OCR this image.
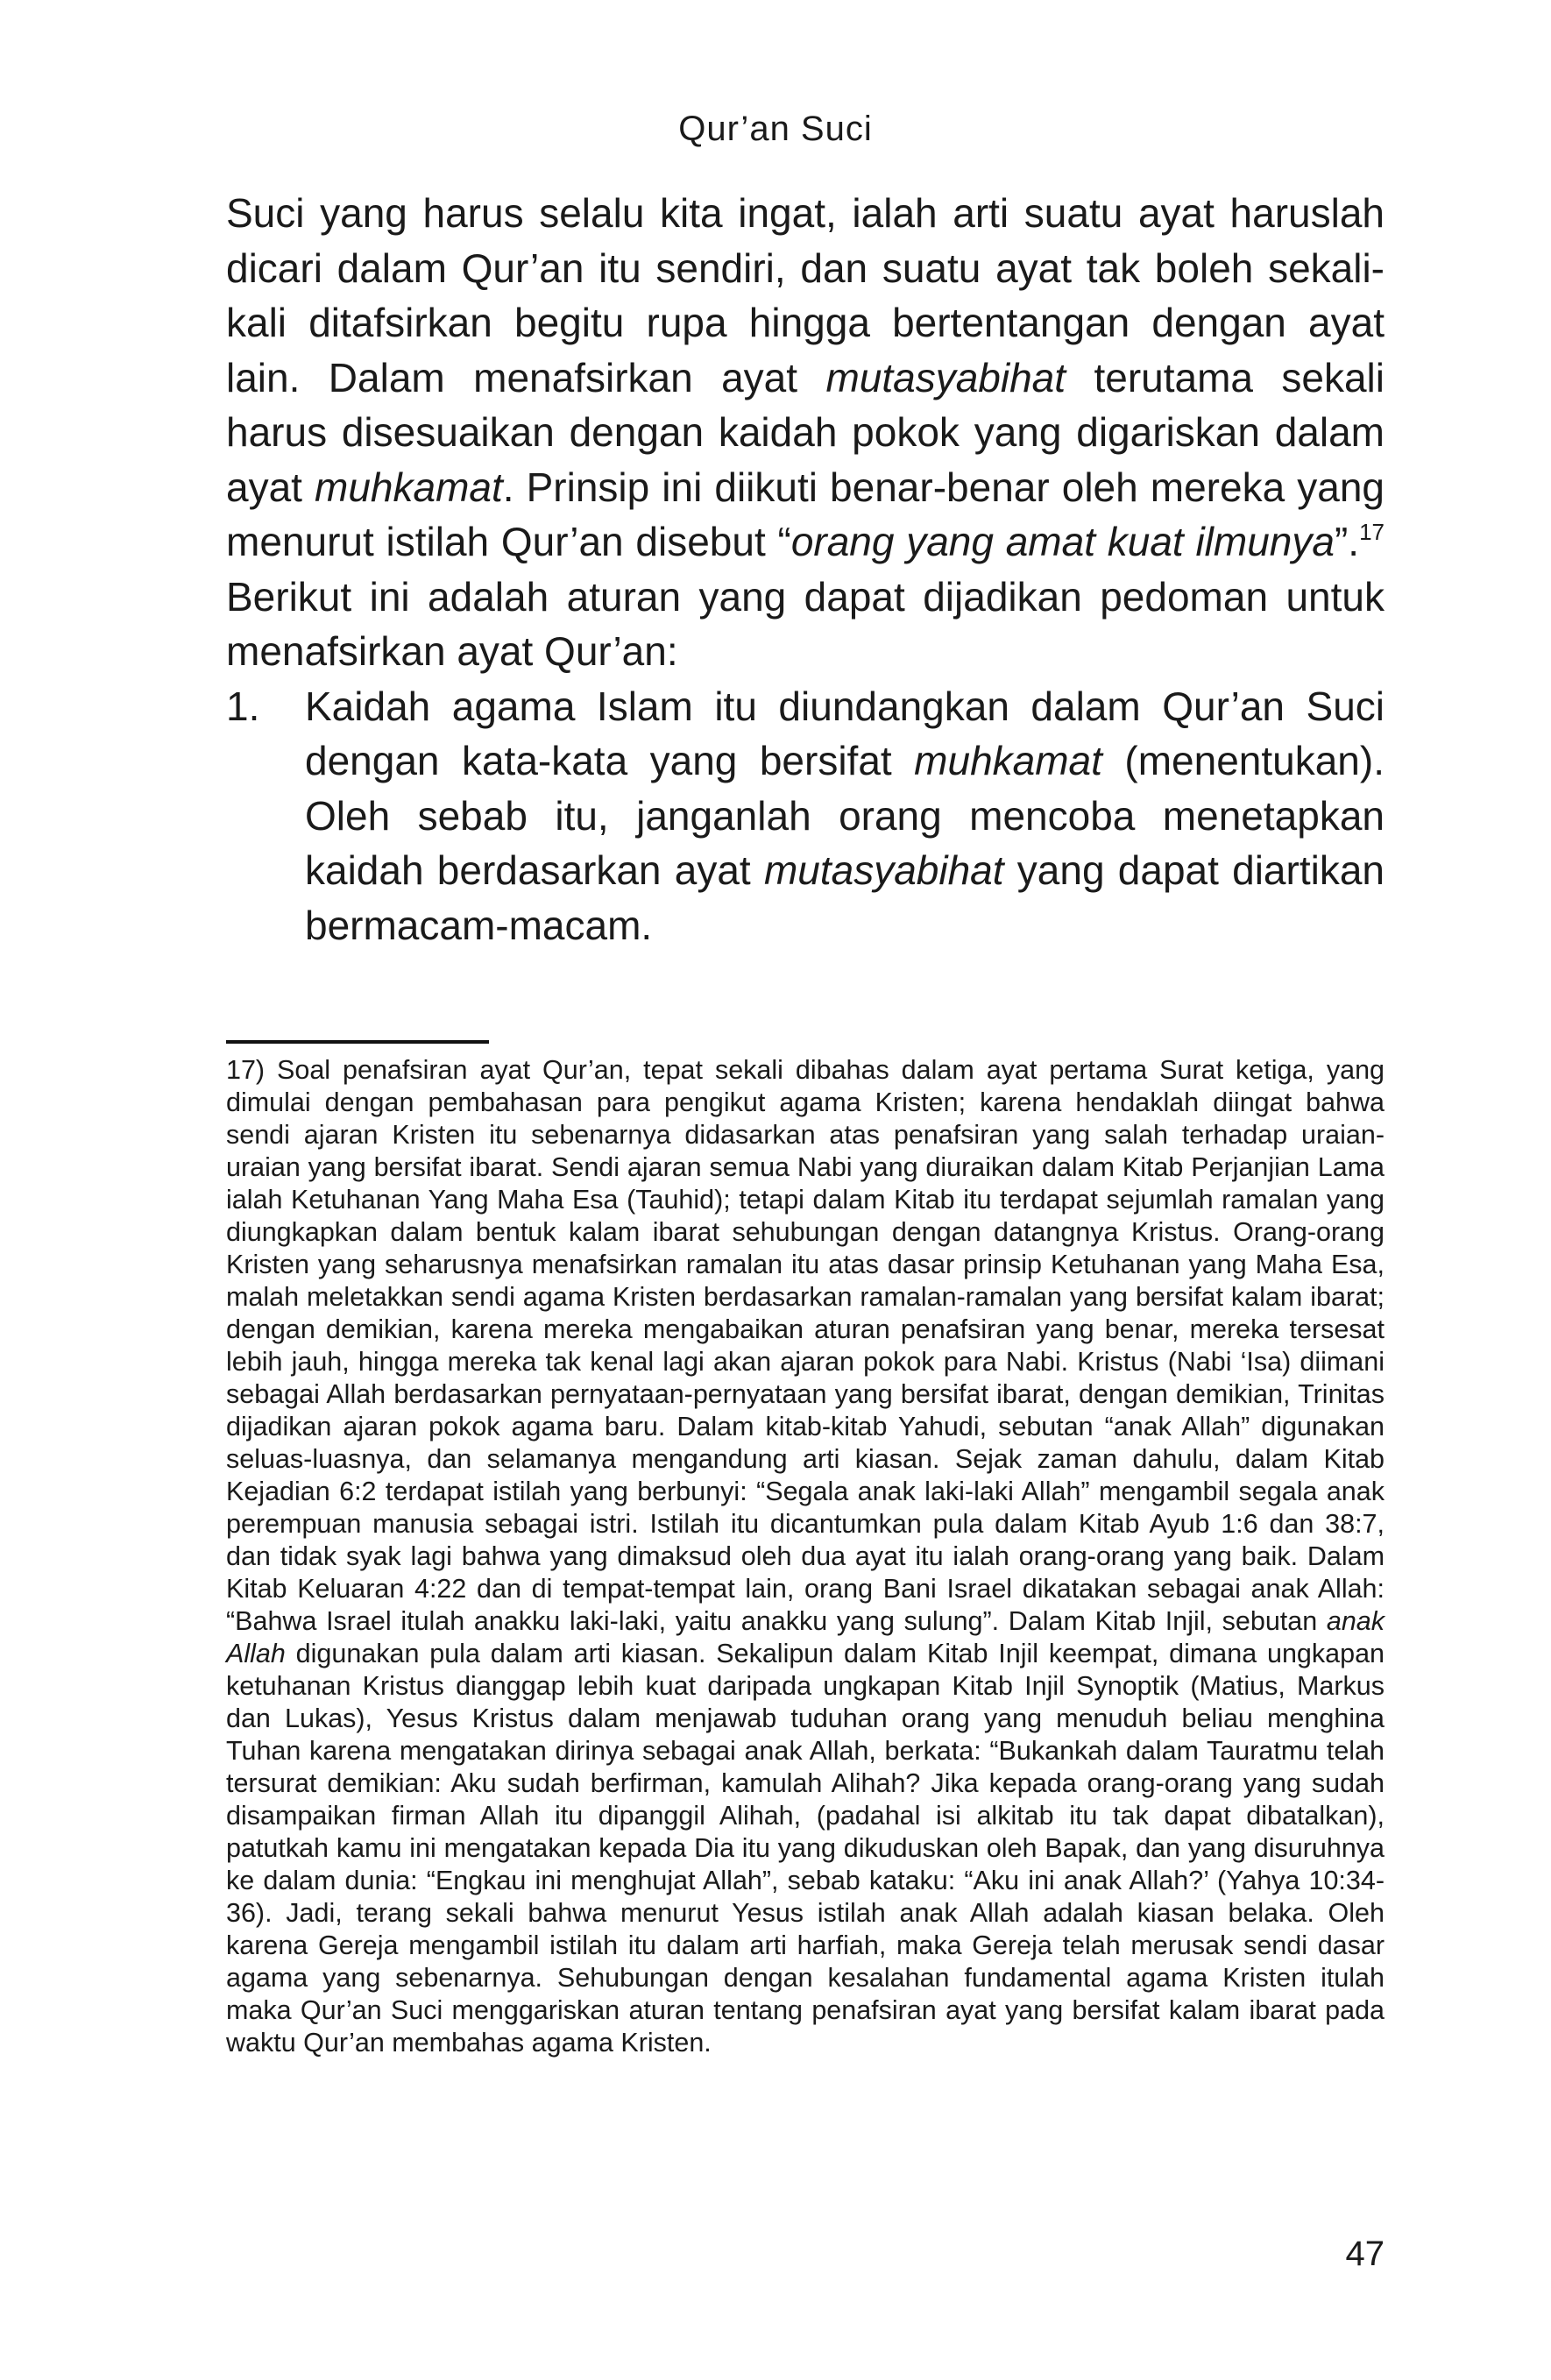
Qur’an Suci

Suci yang harus selalu kita ingat, ialah arti suatu ayat haruslah dicari dalam Qur’an itu sendiri, dan suatu ayat tak boleh sekali-kali ditafsirkan begitu rupa hingga bertentangan dengan ayat lain. Dalam menafsirkan ayat mutasyabihat terutama sekali harus disesuaikan dengan kaidah pokok yang digariskan dalam ayat muhkamat. Prinsip ini diikuti benar-benar oleh mereka yang menurut istilah Qur’an disebut “orang yang amat kuat ilmunya”.$^{17}$ Berikut ini adalah aturan yang dapat dijadikan pedoman untuk menafsirkan ayat Qur’an:

1.	Kaidah agama Islam itu diundangkan dalam Qur’an Suci dengan kata-kata yang bersifat muhkamat (menentukan). Oleh sebab itu, janganlah orang mencoba menetapkan kaidah berdasarkan ayat mutasyabihat yang dapat diartikan bermacam-macam.

17) Soal penafsiran ayat Qur’an, tepat sekali dibahas dalam ayat pertama Surat ketiga, yang dimulai dengan pembahasan para pengikut agama Kristen; karena hendaklah diingat bahwa sendi ajaran Kristen itu sebenarnya didasarkan atas penafsiran yang salah terhadap uraian-uraian yang bersifat ibarat. Sendi ajaran semua Nabi yang diuraikan dalam Kitab Perjanjian Lama ialah Ketuhanan Yang Maha Esa (Tauhid); tetapi dalam Kitab itu terdapat sejumlah ramalan yang diungkapkan dalam bentuk kalam ibarat sehubungan dengan datangnya Kristus. Orang-orang Kristen yang seharusnya menafsirkan ramalan itu atas dasar prinsip Ketuhanan yang Maha Esa, malah meletakkan sendi agama Kristen berdasarkan ramalan-ramalan yang bersifat kalam ibarat; dengan demikian, karena mereka mengabaikan aturan penafsiran yang benar, mereka tersesat lebih jauh, hingga mereka tak kenal lagi akan ajaran pokok para Nabi. Kristus (Nabi ‘Isa) diimani sebagai Allah berdasarkan pernyataan-pernyataan yang bersifat ibarat, dengan demikian, Trinitas dijadikan ajaran pokok agama baru. Dalam kitab-kitab Yahudi, sebutan “anak Allah” digunakan seluas-luasnya, dan selamanya mengandung arti kiasan. Sejak zaman dahulu, dalam Kitab Kejadian 6:2 terdapat istilah yang berbunyi: “Segala anak laki-laki Allah” mengambil segala anak perempuan manusia sebagai istri. Istilah itu dicantumkan pula dalam Kitab Ayub 1:6 dan 38:7, dan tidak syak lagi bahwa yang dimaksud oleh dua ayat itu ialah orang-orang yang baik. Dalam Kitab Keluaran 4:22 dan di tempat-tempat lain, orang Bani Israel dikatakan sebagai anak Allah: “Bahwa Israel itulah anakku laki-laki, yaitu anakku yang sulung”. Dalam Kitab Injil, sebutan anak Allah digunakan pula dalam arti kiasan. Sekalipun dalam Kitab Injil keempat, dimana ungkapan ketuhanan Kristus dianggap lebih kuat daripada ungkapan Kitab Injil Synoptik (Matius, Markus dan Lukas), Yesus Kristus dalam menjawab tuduhan orang yang menuduh beliau menghina Tuhan karena mengatakan dirinya sebagai anak Allah, berkata: “Bukankah dalam Tauratmu telah tersurat demikian: Aku sudah berfirman, kamulah Alihah? Jika kepada orang-orang yang sudah disampaikan firman Allah itu dipanggil Alihah, (padahal isi alkitab itu tak dapat dibatalkan), patutkah kamu ini mengatakan kepada Dia itu yang dikuduskan oleh Bapak, dan yang disuruhnya ke dalam dunia: “Engkau ini menghujat Allah”, sebab kataku: “Aku ini anak Allah?’ (Yahya 10:34-36). Jadi, terang sekali bahwa menurut Yesus istilah anak Allah adalah kiasan belaka. Oleh karena Gereja mengambil istilah itu dalam arti harfiah, maka Gereja telah merusak sendi dasar agama yang sebenarnya. Sehubungan dengan kesalahan fundamental agama Kristen itulah maka Qur’an Suci menggariskan aturan tentang penafsiran ayat yang bersifat kalam ibarat pada waktu Qur’an membahas agama Kristen.

47
